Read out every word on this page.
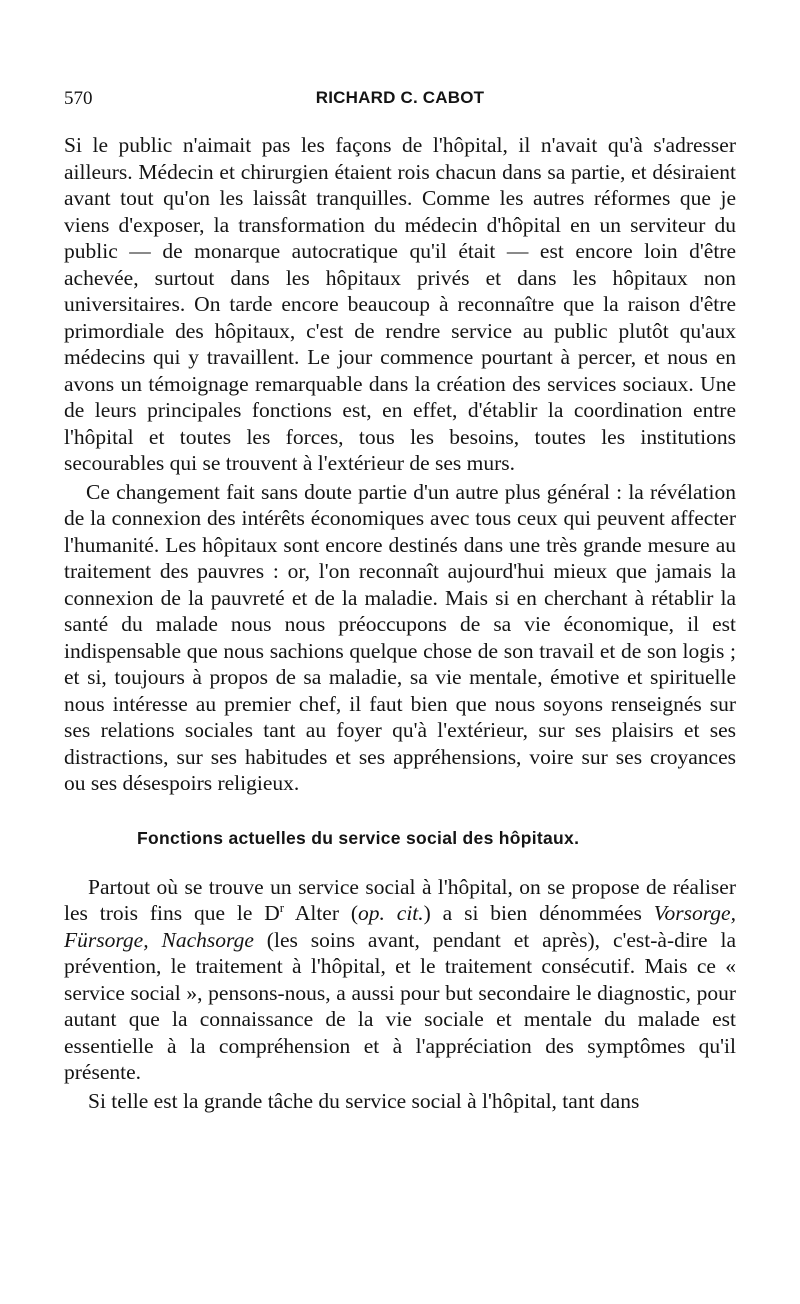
570	RICHARD C. CABOT

Si le public n'aimait pas les façons de l'hôpital, il n'avait qu'à s'adresser ailleurs. Médecin et chirurgien étaient rois chacun dans sa partie, et désiraient avant tout qu'on les laissât tranquilles. Comme les autres réformes que je viens d'exposer, la transformation du médecin d'hôpital en un serviteur du public — de monarque autocratique qu'il était — est encore loin d'être achevée, surtout dans les hôpitaux privés et dans les hôpitaux non universitaires. On tarde encore beaucoup à reconnaître que la raison d'être primordiale des hôpitaux, c'est de rendre service au public plutôt qu'aux médecins qui y travaillent. Le jour commence pourtant à percer, et nous en avons un témoignage remarquable dans la création des services sociaux. Une de leurs principales fonctions est, en effet, d'établir la coordination entre l'hôpital et toutes les forces, tous les besoins, toutes les institutions secourables qui se trouvent à l'extérieur de ses murs.

Ce changement fait sans doute partie d'un autre plus général : la révélation de la connexion des intérêts économiques avec tous ceux qui peuvent affecter l'humanité. Les hôpitaux sont encore destinés dans une très grande mesure au traitement des pauvres : or, l'on reconnaît aujourd'hui mieux que jamais la connexion de la pauvreté et de la maladie. Mais si en cherchant à rétablir la santé du malade nous nous préoccupons de sa vie économique, il est indispensable que nous sachions quelque chose de son travail et de son logis ; et si, toujours à propos de sa maladie, sa vie mentale, émotive et spirituelle nous intéresse au premier chef, il faut bien que nous soyons renseignés sur ses relations sociales tant au foyer qu'à l'extérieur, sur ses plaisirs et ses distractions, sur ses habitudes et ses appréhensions, voire sur ses croyances ou ses désespoirs religieux.

Fonctions actuelles du service social des hôpitaux.

Partout où se trouve un service social à l'hôpital, on se propose de réaliser les trois fins que le $D^r$ Alter (op. cit.) a si bien dénommées Vorsorge, Fürsorge, Nachsorge (les soins avant, pendant et après), c'est-à-dire la prévention, le traitement à l'hôpital, et le traitement consécutif. Mais ce « service social », pensons-nous, a aussi pour but secondaire le diagnostic, pour autant que la connaissance de la vie sociale et mentale du malade est essentielle à la compréhension et à l'appréciation des symptômes qu'il présente.

Si telle est la grande tâche du service social à l'hôpital, tant dans
